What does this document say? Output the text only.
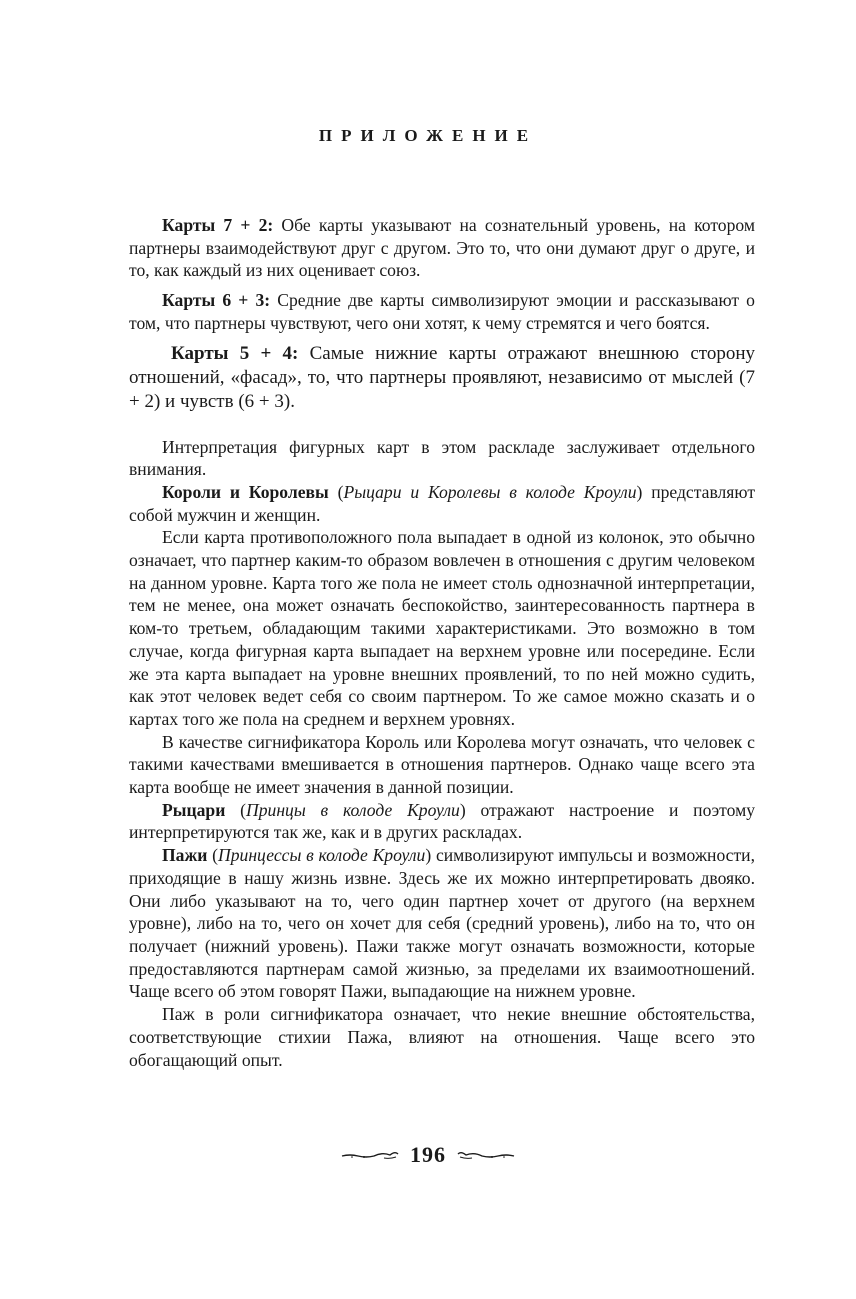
ПРИЛОЖЕНИЕ

Карты 7 + 2: Обе карты указывают на сознательный уровень, на котором партнеры взаимодействуют друг с другом. Это то, что они думают друг о друге, и то, как каждый из них оценивает союз.

Карты 6 + 3: Средние две карты символизируют эмоции и рассказывают о том, что партнеры чувствуют, чего они хотят, к чему стремятся и чего боятся.

Карты 5 + 4: Самые нижние карты отражают внешнюю сторону отношений, «фасад», то, что партнеры проявляют, независимо от мыслей (7 + 2) и чувств (6 + 3).

Интерпретация фигурных карт в этом раскладе заслуживает отдельного внимания.

Короли и Королевы (Рыцари и Королевы в колоде Кроули) представляют собой мужчин и женщин.

Если карта противоположного пола выпадает в одной из колонок, это обычно означает, что партнер каким-то образом вовлечен в отношения с другим человеком на данном уровне. Карта того же пола не имеет столь однозначной интерпретации, тем не менее, она может означать беспокойство, заинтересованность партнера в ком-то третьем, обладающим такими характеристиками. Это возможно в том случае, когда фигурная карта выпадает на верхнем уровне или посередине. Если же эта карта выпадает на уровне внешних проявлений, то по ней можно судить, как этот человек ведет себя со своим партнером. То же самое можно сказать и о картах того же пола на среднем и верхнем уровнях.

В качестве сигнификатора Король или Королева могут означать, что человек с такими качествами вмешивается в отношения партнеров. Однако чаще всего эта карта вообще не имеет значения в данной позиции.

Рыцари (Принцы в колоде Кроули) отражают настроение и поэтому интерпретируются так же, как и в других раскладах.

Пажи (Принцессы в колоде Кроули) символизируют импульсы и возможности, приходящие в нашу жизнь извне. Здесь же их можно интерпретировать двояко. Они либо указывают на то, чего один партнер хочет от другого (на верхнем уровне), либо на то, чего он хочет для себя (средний уровень), либо на то, что он получает (нижний уровень). Пажи также могут означать возможности, которые предоставляются партнерам самой жизнью, за пределами их взаимоотношений. Чаще всего об этом говорят Пажи, выпадающие на нижнем уровне.

Паж в роли сигнификатора означает, что некие внешние обстоятельства, соответствующие стихии Пажа, влияют на отношения. Чаще всего это обогащающий опыт.

196
